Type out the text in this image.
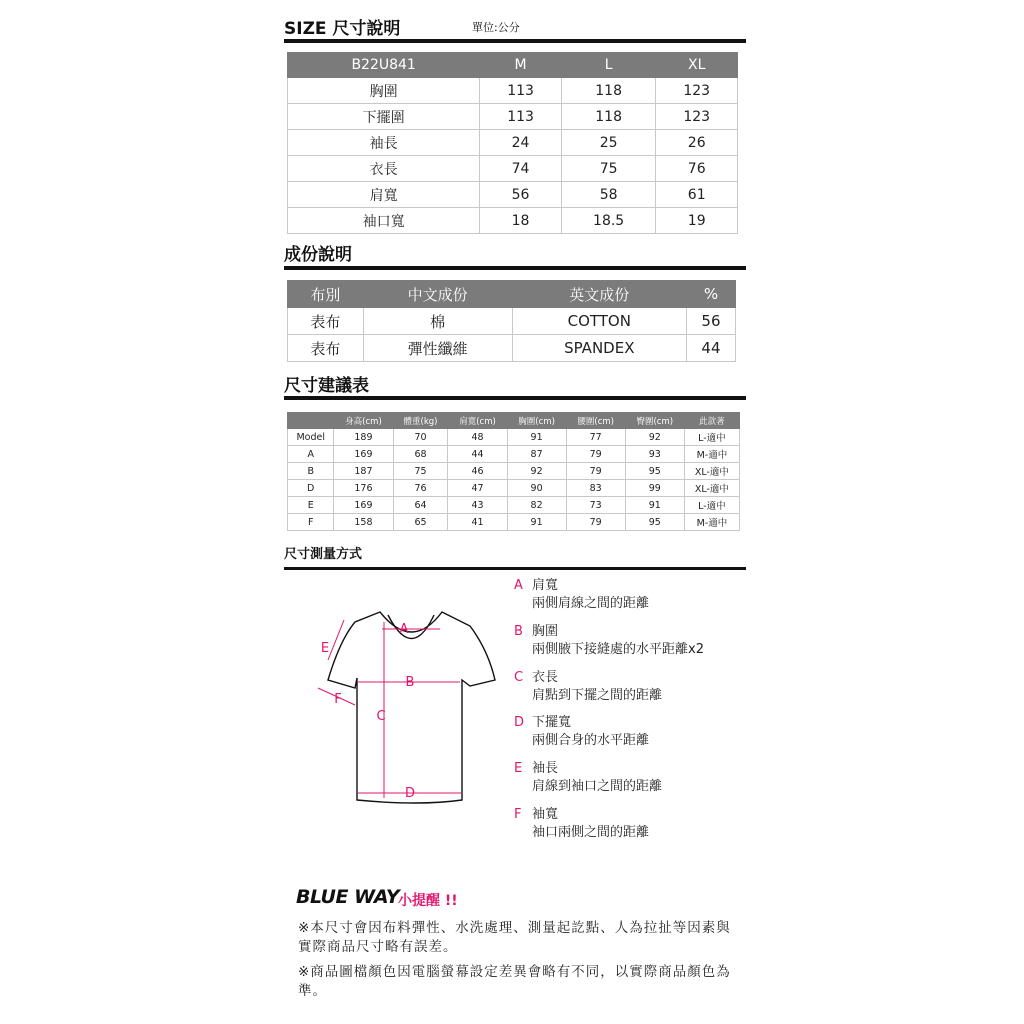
SIZE 尺寸說明	單位:公分
B22U841	M	L	XL
胸圍	113	118	123
下擺圍	113	118	123
袖長	24	25	26
衣長	74	75	76
肩寬	56	58	61
袖口寬	18	18.5	19
成份說明
布別	中文成份	英文成份	%
表布	棉	COTTON	56
表布	彈性纖維	SPANDEX	44
尺寸建議表
	身高(cm)	體重(kg)	肩寬(cm)	胸圍(cm)	腰圍(cm)	臀圍(cm)	此款著
Model	189	70	48	91	77	92	L-適中
A	169	68	44	87	79	93	M-適中
B	187	75	46	92	79	95	XL-適中
D	176	76	47	90	83	99	XL-適中
E	169	64	43	82	73	91	L-適中
F	158	65	41	91	79	95	M-適中
尺寸測量方式
A
B
C
D
E
F
A 肩寬
兩側肩線之間的距離
B 胸圍
兩側腋下接縫處的水平距離x2
C 衣長
肩點到下擺之間的距離
D 下擺寬
兩側合身的水平距離
E 袖長
肩線到袖口之間的距離
F 袖寬
袖口兩側之間的距離
BLUE WAY
小提醒 !!
※本尺寸會因布料彈性、水洗處理、測量起訖點、人為拉扯等因素與實際商品尺寸略有誤差。
※商品圖檔顏色因電腦螢幕設定差異會略有不同，以實際商品顏色為準。
